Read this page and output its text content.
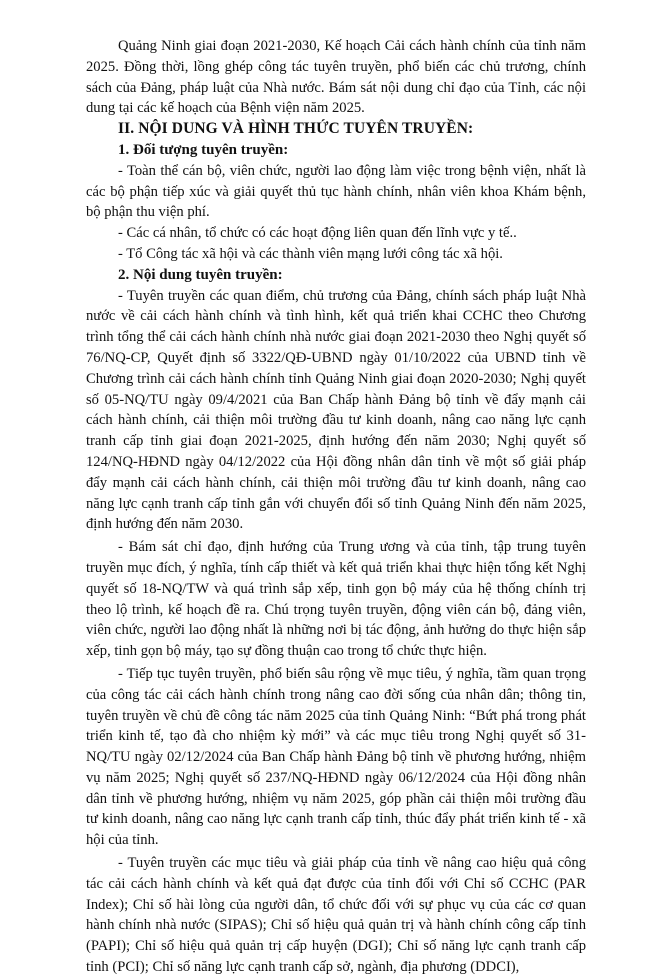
Quảng Ninh giai đoạn 2021-2030, Kế hoạch Cải cách hành chính của tỉnh năm 2025. Đồng thời, lồng ghép công tác tuyên truyền, phổ biến các chủ trương, chính sách của Đảng, pháp luật của Nhà nước. Bám sát nội dung chỉ đạo của Tỉnh, các nội dung tại các kế hoạch của Bệnh viện năm 2025.

II. NỘI DUNG VÀ HÌNH THỨC TUYÊN TRUYỀN:

1. Đối tượng tuyên truyền:

- Toàn thể cán bộ, viên chức, người lao động làm việc trong bệnh viện, nhất là các bộ phận tiếp xúc và giải quyết thủ tục hành chính, nhân viên khoa Khám bệnh, bộ phận thu viện phí.

- Các cá nhân, tổ chức có các hoạt động liên quan đến lĩnh vực y tế..

- Tổ Công tác xã hội và các thành viên mạng lưới công tác xã hội.

2. Nội dung tuyên truyền:

- Tuyên truyền các quan điểm, chủ trương của Đảng, chính sách pháp luật Nhà nước về cải cách hành chính và tình hình, kết quả triển khai CCHC theo Chương trình tổng thể cải cách hành chính nhà nước giai đoạn 2021-2030 theo Nghị quyết số 76/NQ-CP, Quyết định số 3322/QĐ-UBND ngày 01/10/2022 của UBND tỉnh về Chương trình cải cách hành chính tỉnh Quảng Ninh giai đoạn 2020-2030; Nghị quyết số 05-NQ/TU ngày 09/4/2021 của Ban Chấp hành Đảng bộ tỉnh về đẩy mạnh cải cách hành chính, cải thiện môi trường đầu tư kinh doanh, nâng cao năng lực cạnh tranh cấp tỉnh giai đoạn 2021-2025, định hướng đến năm 2030; Nghị quyết số 124/NQ-HĐND ngày 04/12/2022 của Hội đồng nhân dân tỉnh về một số giải pháp đẩy mạnh cải cách hành chính, cải thiện môi trường đầu tư kinh doanh, nâng cao năng lực cạnh tranh cấp tỉnh gắn với chuyển đổi số tỉnh Quảng Ninh đến năm 2025, định hướng đến năm 2030.

- Bám sát chỉ đạo, định hướng của Trung ương và của tỉnh, tập trung tuyên truyền mục đích, ý nghĩa, tính cấp thiết và kết quả triển khai thực hiện tổng kết Nghị quyết số 18-NQ/TW và quá trình sắp xếp, tinh gọn bộ máy của hệ thống chính trị theo lộ trình, kế hoạch đề ra. Chú trọng tuyên truyền, động viên cán bộ, đảng viên, viên chức, người lao động nhất là những nơi bị tác động, ảnh hưởng do thực hiện sắp xếp, tinh gọn bộ máy, tạo sự đồng thuận cao trong tổ chức thực hiện.

- Tiếp tục tuyên truyền, phổ biến sâu rộng về mục tiêu, ý nghĩa, tầm quan trọng của công tác cải cách hành chính trong nâng cao đời sống của nhân dân; thông tin, tuyên truyền về chủ đề công tác năm 2025 của tỉnh Quảng Ninh: “Bứt phá trong phát triển kinh tế, tạo đà cho nhiệm kỳ mới” và các mục tiêu trong Nghị quyết số 31-NQ/TU ngày 02/12/2024 của Ban Chấp hành Đảng bộ tỉnh về phương hướng, nhiệm vụ năm 2025; Nghị quyết số 237/NQ-HĐND ngày 06/12/2024 của Hội đồng nhân dân tỉnh về phương hướng, nhiệm vụ năm 2025, góp phần cải thiện môi trường đầu tư kinh doanh, nâng cao năng lực cạnh tranh cấp tỉnh, thúc đẩy phát triển kinh tế - xã hội của tỉnh.

- Tuyên truyền các mục tiêu và giải pháp của tỉnh về nâng cao hiệu quả công tác cải cách hành chính và kết quả đạt được của tỉnh đối với Chỉ số CCHC (PAR Index); Chỉ số hài lòng của người dân, tổ chức đối với sự phục vụ của các cơ quan hành chính nhà nước (SIPAS); Chỉ số hiệu quả quản trị và hành chính công cấp tỉnh (PAPI); Chỉ số hiệu quả quản trị cấp huyện (DGI); Chỉ số năng lực cạnh tranh cấp tỉnh (PCI); Chỉ số năng lực cạnh tranh cấp sở, ngành, địa phương (DDCI),
